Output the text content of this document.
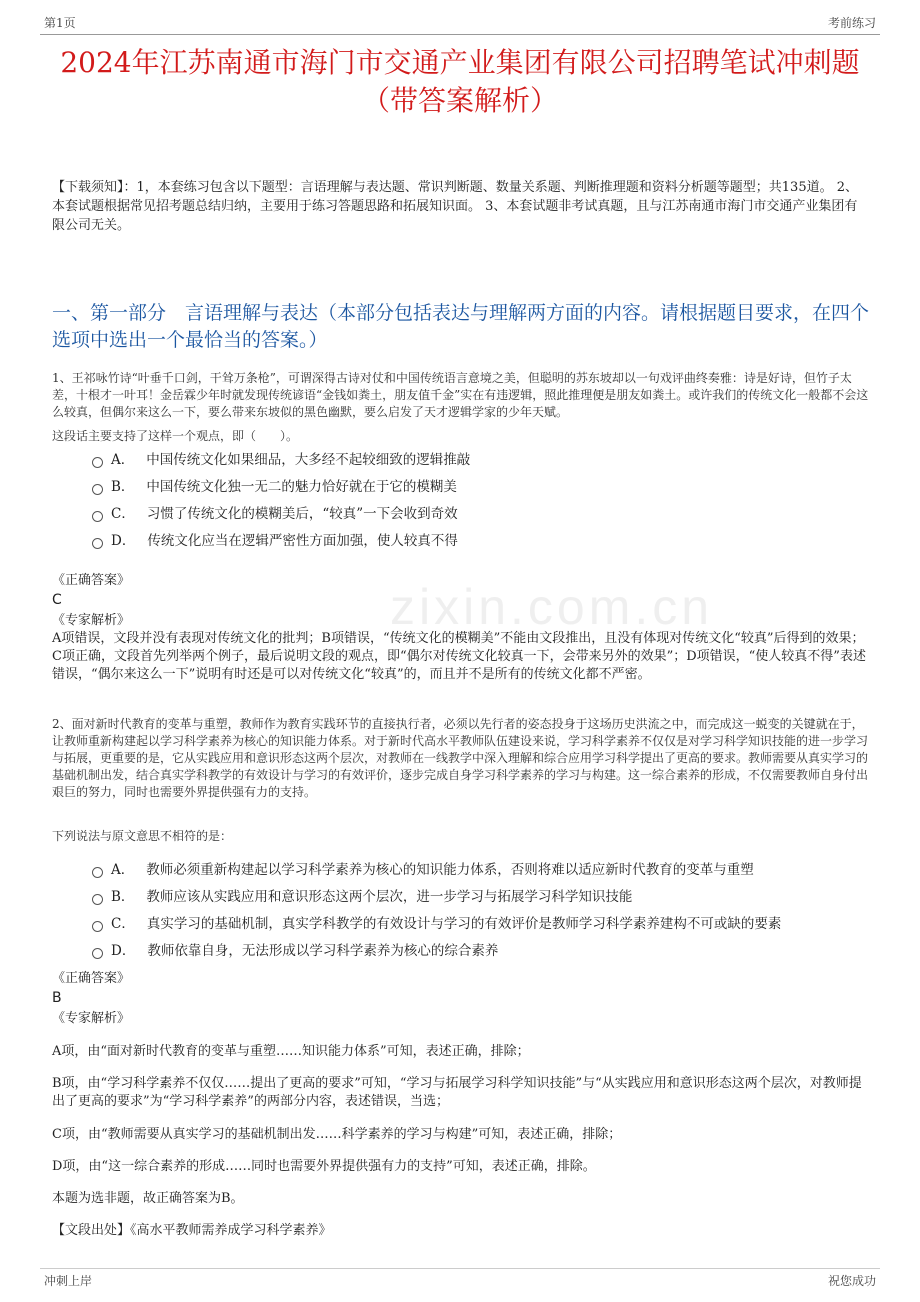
第1页	考前练习
2024年江苏南通市海门市交通产业集团有限公司招聘笔试冲刺题（带答案解析）
【下载须知】：1，本套练习包含以下题型：言语理解与表达题、常识判断题、数量关系题、判断推理题和资料分析题等题型；共135道。 2、本套试题根据常见招考题总结归纳，主要用于练习答题思路和拓展知识面。 3、本套试题非考试真题，且与江苏南通市海门市交通产业集团有限公司无关。
一、第一部分　言语理解与表达（本部分包括表达与理解两方面的内容。请根据题目要求，在四个选项中选出一个最恰当的答案。）
zixin.com.cn
1、王祁咏竹诗“叶垂千口剑，干耸万条枪”，可谓深得古诗对仗和中国传统语言意境之美，但聪明的苏东坡却以一句戏评曲终奏雅：诗是好诗，但竹子太差，十根才一叶耳！金岳霖少年时就发现传统谚语“金钱如粪土，朋友值千金”实在有违逻辑，照此推理便是朋友如粪土。或许我们的传统文化一般都不会这么较真，但偶尔来这么一下，要么带来东坡似的黑色幽默，要么启发了天才逻辑学家的少年天赋。
这段话主要支持了这样一个观点，即（　　）。
A． 中国传统文化如果细品，大多经不起较细致的逻辑推敲
B． 中国传统文化独一无二的魅力恰好就在于它的模糊美
C． 习惯了传统文化的模糊美后，“较真”一下会收到奇效
D． 传统文化应当在逻辑严密性方面加强，使人较真不得
《正确答案》
C
《专家解析》
A项错误，文段并没有表现对传统文化的批判；B项错误，“传统文化的模糊美”不能由文段推出，且没有体现对传统文化“较真”后得到的效果；C项正确，文段首先列举两个例子，最后说明文段的观点，即“偶尔对传统文化较真一下，会带来另外的效果”；D项错误，“使人较真不得”表述错误，“偶尔来这么一下”说明有时还是可以对传统文化“较真”的，而且并不是所有的传统文化都不严密。
2、面对新时代教育的变革与重塑，教师作为教育实践环节的直接执行者，必须以先行者的姿态投身于这场历史洪流之中，而完成这一蜕变的关键就在于，让教师重新构建起以学习科学素养为核心的知识能力体系。对于新时代高水平教师队伍建设来说，学习科学素养不仅仅是对学习科学知识技能的进一步学习与拓展，更重要的是，它从实践应用和意识形态这两个层次，对教师在一线教学中深入理解和综合应用学习科学提出了更高的要求。教师需要从真实学习的基础机制出发，结合真实学科教学的有效设计与学习的有效评价，逐步完成自身学习科学素养的学习与构建。这一综合素养的形成，不仅需要教师自身付出艰巨的努力，同时也需要外界提供强有力的支持。
下列说法与原文意思不相符的是：
A． 教师必须重新构建起以学习科学素养为核心的知识能力体系，否则将难以适应新时代教育的变革与重塑
B． 教师应该从实践应用和意识形态这两个层次，进一步学习与拓展学习科学知识技能
C． 真实学习的基础机制，真实学科教学的有效设计与学习的有效评价是教师学习科学素养建构不可或缺的要素
D． 教师依靠自身，无法形成以学习科学素养为核心的综合素养
《正确答案》
B
《专家解析》
A项，由“面对新时代教育的变革与重塑……知识能力体系”可知，表述正确，排除；
B项，由“学习科学素养不仅仅……提出了更高的要求”可知，“学习与拓展学习科学知识技能”与“从实践应用和意识形态这两个层次，对教师提出了更高的要求”为“学习科学素养”的两部分内容，表述错误，当选；
C项，由“教师需要从真实学习的基础机制出发……科学素养的学习与构建”可知，表述正确，排除；
D项，由“这一综合素养的形成……同时也需要外界提供强有力的支持”可知，表述正确，排除。
本题为选非题，故正确答案为B。
【文段出处】《高水平教师需养成学习科学素养》
冲刺上岸	祝您成功
